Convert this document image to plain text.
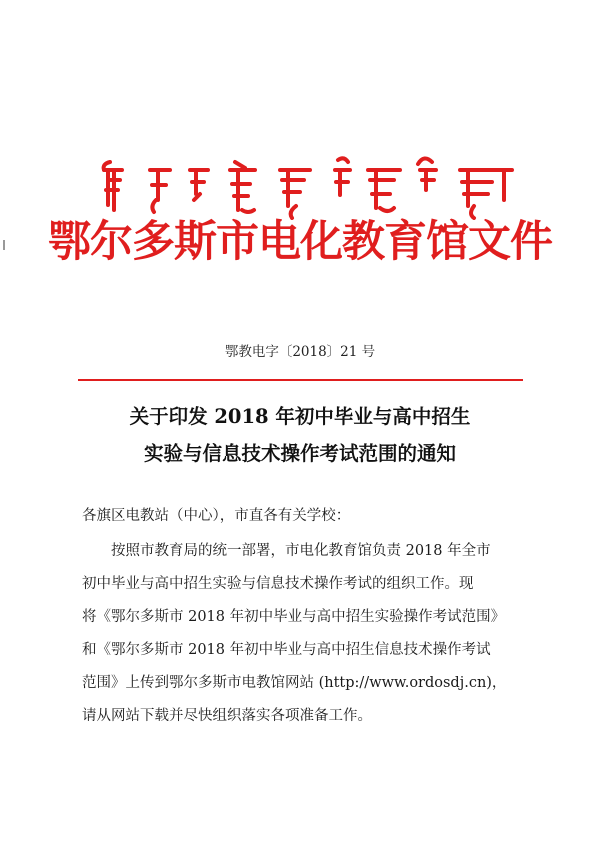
鄂尔多斯市电化教育馆文件
鄂教电字〔2018〕21 号
关于印发 2018 年初中毕业与高中招生
实验与信息技术操作考试范围的通知
各旗区电教站（中心），市直各有关学校：
按照市教育局的统一部署，市电化教育馆负责 2018 年全市
初中毕业与高中招生实验与信息技术操作考试的组织工作。现
将《鄂尔多斯市 2018 年初中毕业与高中招生实验操作考试范围》
和《鄂尔多斯市 2018 年初中毕业与高中招生信息技术操作考试
范围》上传到鄂尔多斯市电教馆网站 (http://www.ordosdj.cn)，
请从网站下载并尽快组织落实各项准备工作。
